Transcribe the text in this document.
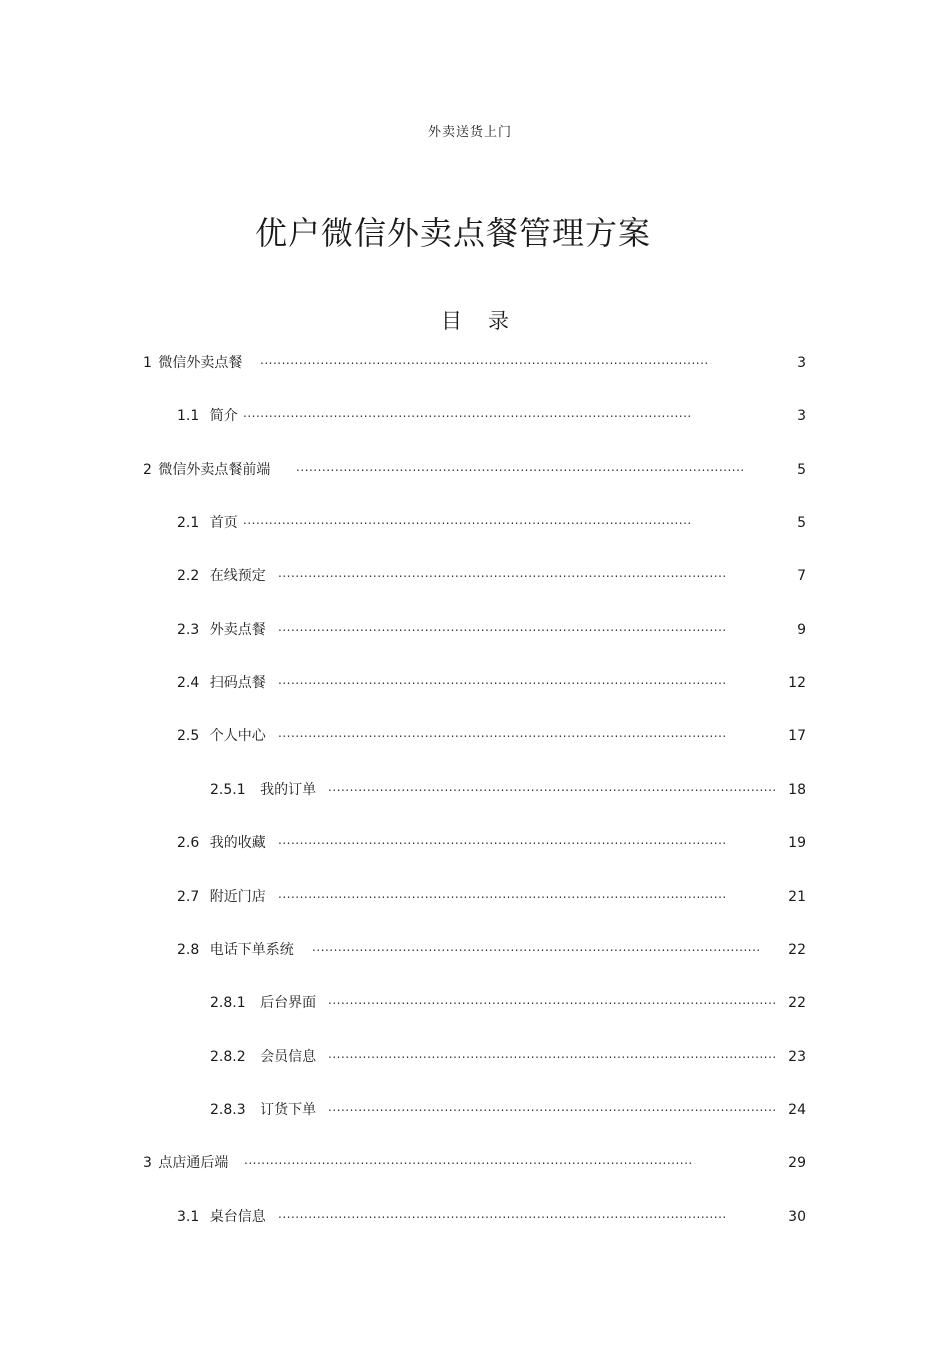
外卖送货上门
优户微信外卖点餐管理方案
目 录
1 微信外卖点餐 ........................................................................................................	3
1.1 简介 ........................................................................................................	3
2 微信外卖点餐前端 ........................................................................................................	5
2.1 首页 ........................................................................................................	5
2.2 在线预定 ........................................................................................................	7
2.3 外卖点餐 ........................................................................................................	9
2.4 扫码点餐 ........................................................................................................	12
2.5 个人中心 ........................................................................................................	17
2.5.1 我的订单 ........................................................................................................ 18
2.6 我的收藏 ........................................................................................................	19
2.7 附近门店 ........................................................................................................	21
2.8 电话下单系统 ........................................................................................................ 22
2.8.1 后台界面 ........................................................................................................ 22
2.8.2 会员信息 ........................................................................................................ 23
2.8.3 订货下单 ........................................................................................................ 24
3 点店通后端 ........................................................................................................	29
3.1 桌台信息 ........................................................................................................	30
